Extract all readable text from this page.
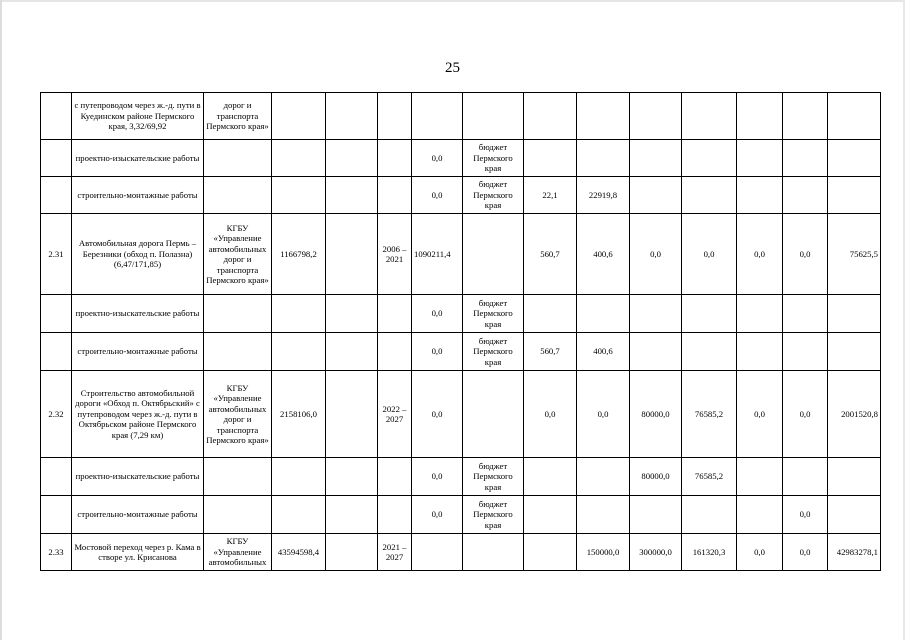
25
	с путепроводом через ж.-д. пути в Куединском районе Пермского края, 3,32/69,92	дорог и транспорта Пермского края»												
	проектно-изыскательские работы					0,0	бюджет Пермского края							
	строительно-монтажные работы					0,0	бюджет Пермского края	22,1	22919,8					
2.31	Автомобильная дорога Пермь – Березники (обход п. Полазна) (6,47/171,85)	КГБУ «Управление автомобильных дорог и транспорта Пермского края»	1166798,2		2006 – 2021	1090211,4		560,7	400,6	0,0	0,0	0,0	0,0	75625,5
	проектно-изыскательские работы					0,0	бюджет Пермского края							
	строительно-монтажные работы					0,0	бюджет Пермского края	560,7	400,6					
2.32	Строительство автомобильной дороги «Обход п. Октябрьский» с путепроводом через ж.-д. пути в Октябрьском районе Пермского края (7,29 км)	КГБУ «Управление автомобильных дорог и транспорта Пермского края»	2158106,0		2022 – 2027	0,0		0,0	0,0	80000,0	76585,2	0,0	0,0	2001520,8
	проектно-изыскательские работы					0,0	бюджет Пермского края			80000,0	76585,2			
	строительно-монтажные работы					0,0	бюджет Пермского края						0,0	
2.33	Мостовой переход через р. Кама в створе ул. Крисанова	КГБУ «Управление автомобильных	43594598,4		2021 – 2027				150000,0	300000,0	161320,3	0,0	0,0	42983278,1
